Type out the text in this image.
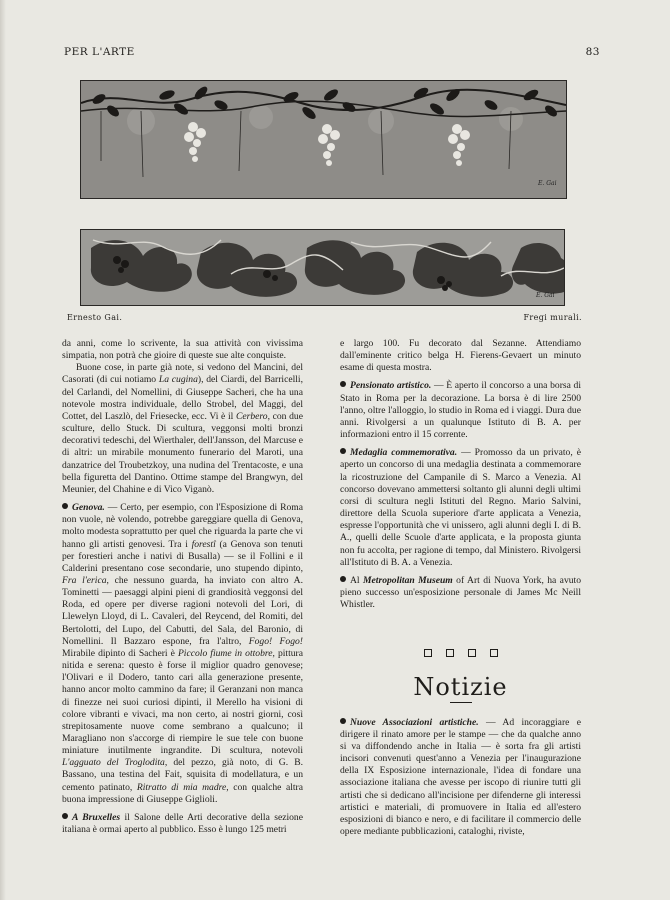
PER L'ARTE	83
E. Gai
E. Gai
Ernesto Gai.	Fregi murali.

da anni, come lo scrivente, la sua attività con vivissima simpatia, non potrà che gioire di queste sue alte conquiste.

Buone cose, in parte già note, si vedono del Mancini, del Casorati (di cui notiamo La cugina), del Ciardi, del Barricelli, del Carlandi, del Nomellini, di Giuseppe Sacheri, che ha una notevole mostra individuale, dello Strobel, del Maggi, del Cottet, del Laszlò, del Friesecke, ecc. Vi è il Cerbero, con due sculture, dello Stuck. Di scultura, veggonsi molti bronzi decorativi tedeschi, del Wierthaler, dell'Jansson, del Marcuse e di altri: un mirabile monumento funerario del Maroti, una danzatrice del Troubetzkoy, una nudina del Trentacoste, e una bella figuretta del Dantino. Ottime stampe del Brangwyn, del Meunier, del Chahine e di Vico Viganò.

Genova. — Certo, per esempio, con l'Esposizione di Roma non vuole, nè volendo, potrebbe gareggiare quella di Genova, molto modesta soprattutto per quel che riguarda la parte che vi hanno gli artisti genovesi. Tra i forestî (a Genova son tenuti per forestieri anche i nativi di Busalla) — se il Follini e il Calderini presentano cose secondarie, uno stupendo dipinto, Fra l'erica, che nessuno guarda, ha inviato con altro A. Tominetti — paesaggi alpini pieni di grandiosità veggonsi del Roda, ed opere per diverse ragioni notevoli del Lori, di Llewelyn Lloyd, di L. Cavaleri, del Reycend, del Romiti, del Bertolotti, del Lupo, del Cabutti, del Sala, del Baronio, di Nomellini. Il Bazzaro espone, fra l'altro, Fogo! Fogo! Mirabile dipinto di Sacheri è Piccolo fiume in ottobre, pittura nitida e serena: questo è forse il miglior quadro genovese; l'Olivari e il Dodero, tanto cari alla generazione presente, hanno ancor molto cammino da fare; il Geranzani non manca di finezze nei suoi curiosi dipinti, il Merello ha visioni di colore vibranti e vivaci, ma non certo, ai nostri giorni, così strepitosamente nuove come sembrano a qualcuno; il Maragliano non s'accorge di riempire le sue tele con buone miniature inutilmente ingrandite. Di scultura, notevoli L'agguato del Troglodita, del pezzo, già noto, di G. B. Bassano, una testina del Fait, squisita di modellatura, e un cemento patinato, Ritratto di mia madre, con qualche altra buona impressione di Giuseppe Giglioli.

A Bruxelles il Salone delle Arti decorative della sezione italiana è ormai aperto al pubblico. Esso è lungo 125 metri

e largo 100. Fu decorato dal Sezanne. Attendiamo dall'eminente critico belga H. Fierens-Gevaert un minuto esame di questa mostra.

Pensionato artistico. — È aperto il concorso a una borsa di Stato in Roma per la decorazione. La borsa è di lire 2500 l'anno, oltre l'alloggio, lo studio in Roma ed i viaggi. Dura due anni. Rivolgersi a un qualunque Istituto di B. A. per informazioni entro il 15 corrente.

Medaglia commemorativa. — Promosso da un privato, è aperto un concorso di una medaglia destinata a commemorare la ricostruzione del Campanile di S. Marco a Venezia. Al concorso dovevano ammettersi soltanto gli alunni degli ultimi corsi di scultura negli Istituti del Regno. Mario Salvini, direttore della Scuola superiore d'arte applicata a Venezia, espresse l'opportunità che vi unissero, agli alunni degli I. di B. A., quelli delle Scuole d'arte applicata, e la proposta giunta non fu accolta, per ragione di tempo, dal Ministero. Rivolgersi all'Istituto di B. A. a Venezia.

Al Metropolitan Museum of Art di Nuova York, ha avuto pieno successo un'esposizione personale di James Mc Neill Whistler.

Notizie

Nuove Associazioni artistiche. — Ad incoraggiare e dirigere il rinato amore per le stampe — che da qualche anno si va diffondendo anche in Italia — è sorta fra gli artisti incisori convenuti quest'anno a Venezia per l'inaugurazione della IX Esposizione internazionale, l'idea di fondare una associazione italiana che avesse per iscopo di riunire tutti gli artisti che si dedicano all'incisione per difenderne gli interessi artistici e materiali, di promuovere in Italia ed all'estero esposizioni di bianco e nero, e di facilitare il commercio delle opere mediante pubblicazioni, cataloghi, riviste,
